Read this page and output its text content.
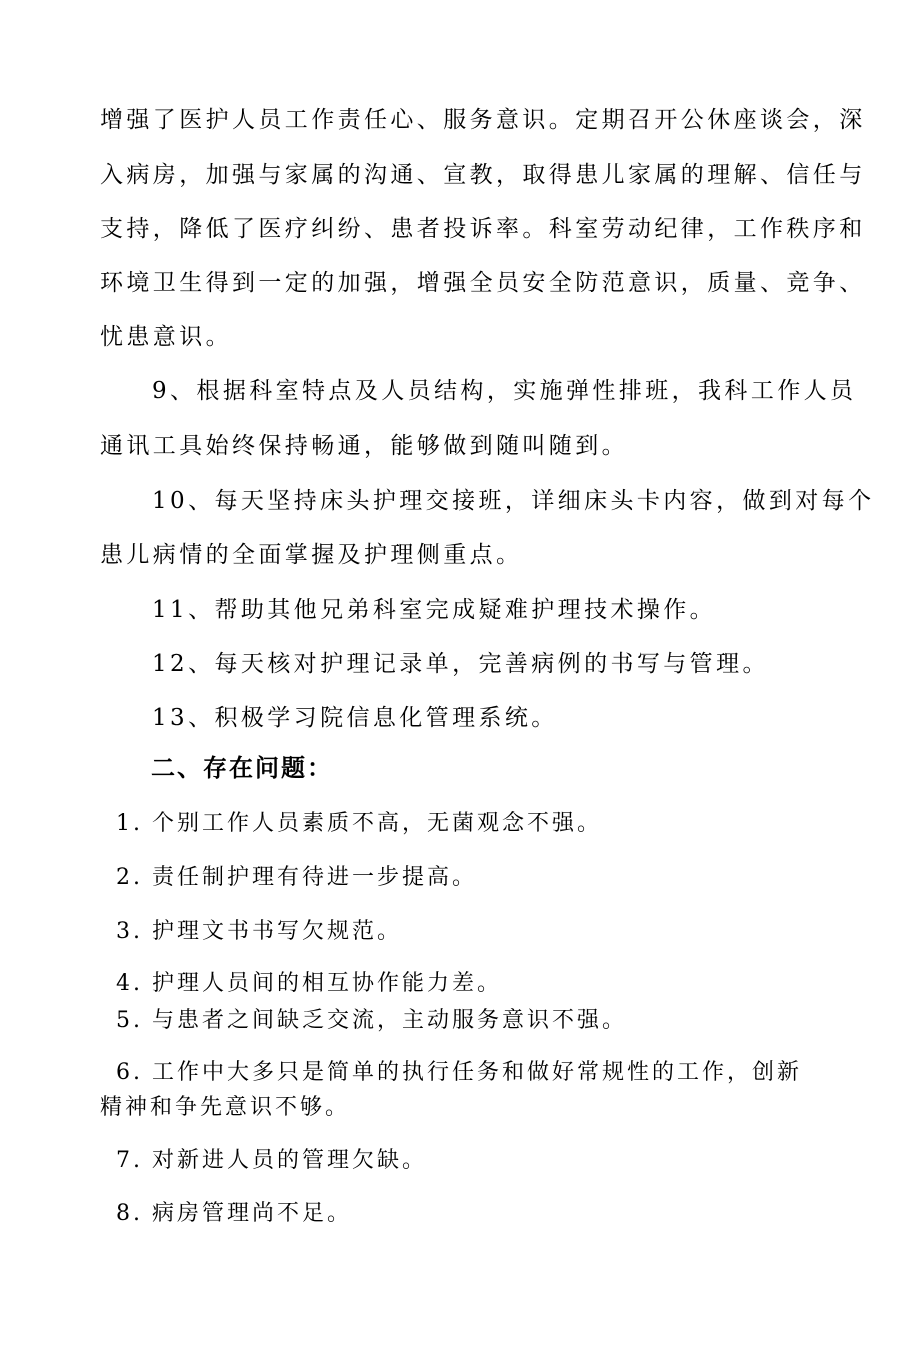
增强了医护人员工作责任心、服务意识。定期召开公休座谈会，深
入病房，加强与家属的沟通、宣教，取得患儿家属的理解、信任与
支持，降低了医疗纠纷、患者投诉率。科室劳动纪律，工作秩序和
环境卫生得到一定的加强，增强全员安全防范意识，质量、竞争、
忧患意识。
9、根据科室特点及人员结构，实施弹性排班，我科工作人员
通讯工具始终保持畅通，能够做到随叫随到。
10、每天坚持床头护理交接班，详细床头卡内容，做到对每个
患儿病情的全面掌握及护理侧重点。
11、帮助其他兄弟科室完成疑难护理技术操作。
12、每天核对护理记录单，完善病例的书写与管理。
13、积极学习院信息化管理系统。
二、存在问题：
1. 个别工作人员素质不高，无菌观念不强。
2. 责任制护理有待进一步提高。
3. 护理文书书写欠规范。
4. 护理人员间的相互协作能力差。
5. 与患者之间缺乏交流，主动服务意识不强。
6. 工作中大多只是简单的执行任务和做好常规性的工作，创新
精神和争先意识不够。
7. 对新进人员的管理欠缺。
8. 病房管理尚不足。
